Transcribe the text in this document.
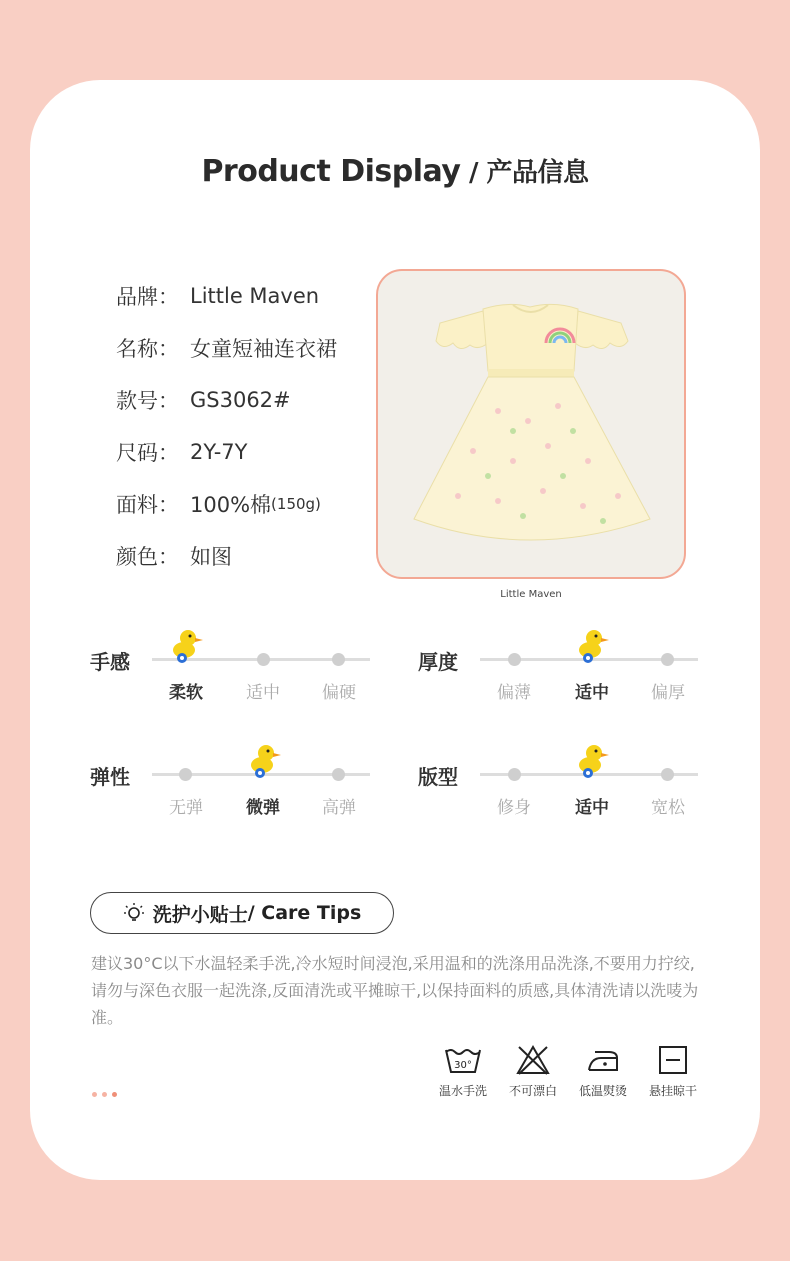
Product Display / 产品信息
品牌： Little Maven
名称： 女童短袖连衣裙
款号： GS3062#
尺码： 2Y-7Y
面料： 100%棉 (150g)
颜色： 如图
Little Maven
手感
柔软	适中	偏硬
厚度
偏薄	适中	偏厚
弹性
无弹	微弹	高弹
版型
修身	适中	宽松
洗护小贴士 / Care Tips
建议30°C以下水温轻柔手洗,冷水短时间浸泡,采用温和的洗涤用品洗涤,不要用力拧绞,请勿与深色衣服一起洗涤,反面清洗或平摊晾干,以保持面料的质感,具体清洗请以洗唛为准。
30°
温水手洗	不可漂白	低温熨烫	悬挂晾干
